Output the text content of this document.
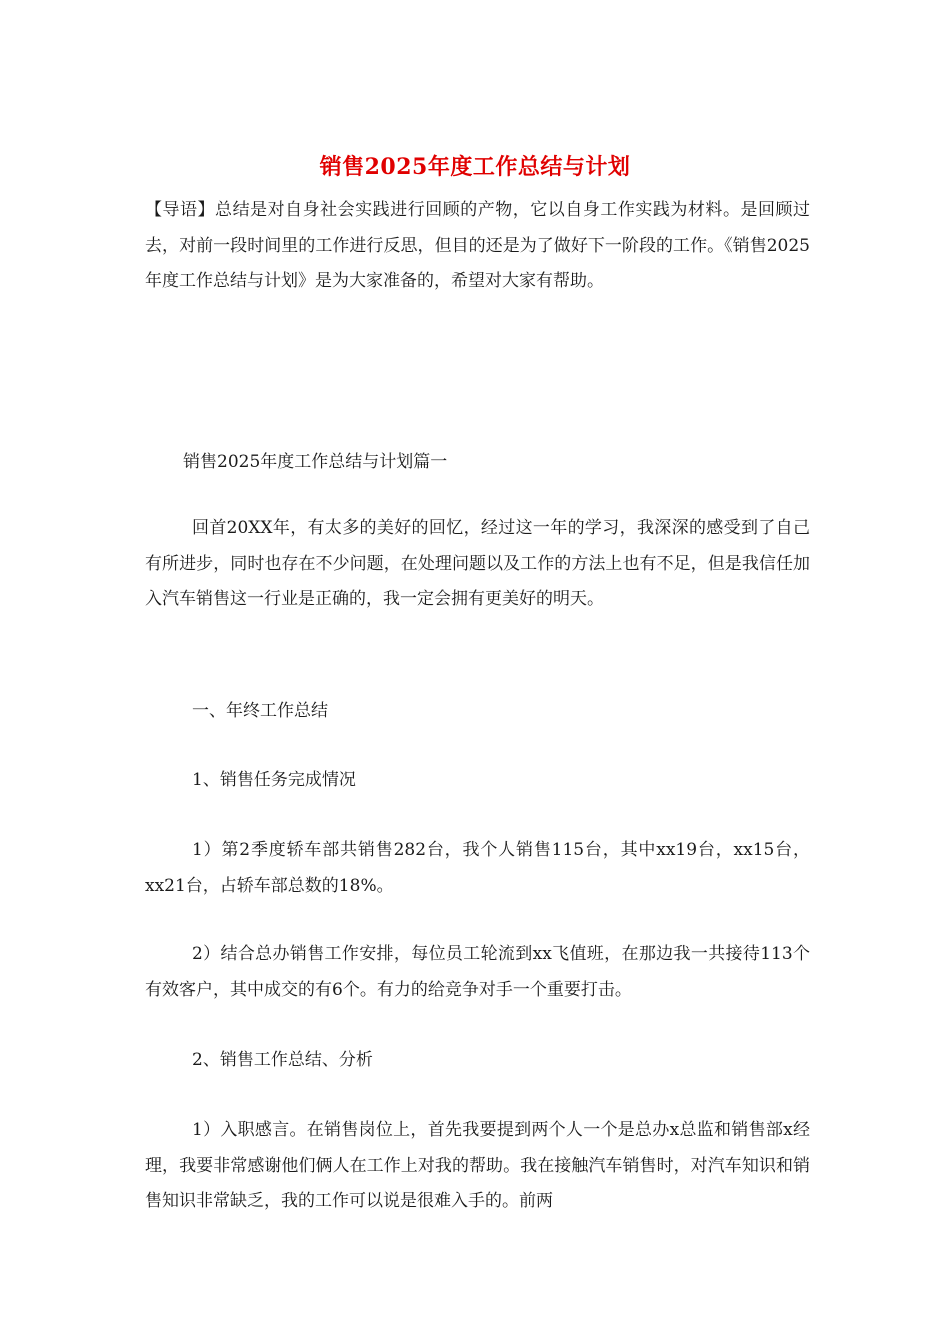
销售2025年度工作总结与计划

【导语】总结是对自身社会实践进行回顾的产物，它以自身工作实践为材料。是回顾过去，对前一段时间里的工作进行反思，但目的还是为了做好下一阶段的工作。《销售2025年度工作总结与计划》是为大家准备的，希望对大家有帮助。

销售2025年度工作总结与计划篇一

回首20XX年，有太多的美好的回忆，经过这一年的学习，我深深的感受到了自己有所进步，同时也存在不少问题，在处理问题以及工作的方法上也有不足，但是我信任加入汽车销售这一行业是正确的，我一定会拥有更美好的明天。

一、年终工作总结

1、销售任务完成情况

1）第2季度轿车部共销售282台，我个人销售115台，其中xx19台，xx15台，xx21台，占轿车部总数的18%。

2）结合总办销售工作安排，每位员工轮流到xx飞值班，在那边我一共接待113个有效客户，其中成交的有6个。有力的给竞争对手一个重要打击。

2、销售工作总结、分析

1）入职感言。在销售岗位上，首先我要提到两个人一个是总办x总监和销售部x经理，我要非常感谢他们俩人在工作上对我的帮助。我在接触汽车销售时，对汽车知识和销售知识非常缺乏，我的工作可以说是很难入手的。前两
